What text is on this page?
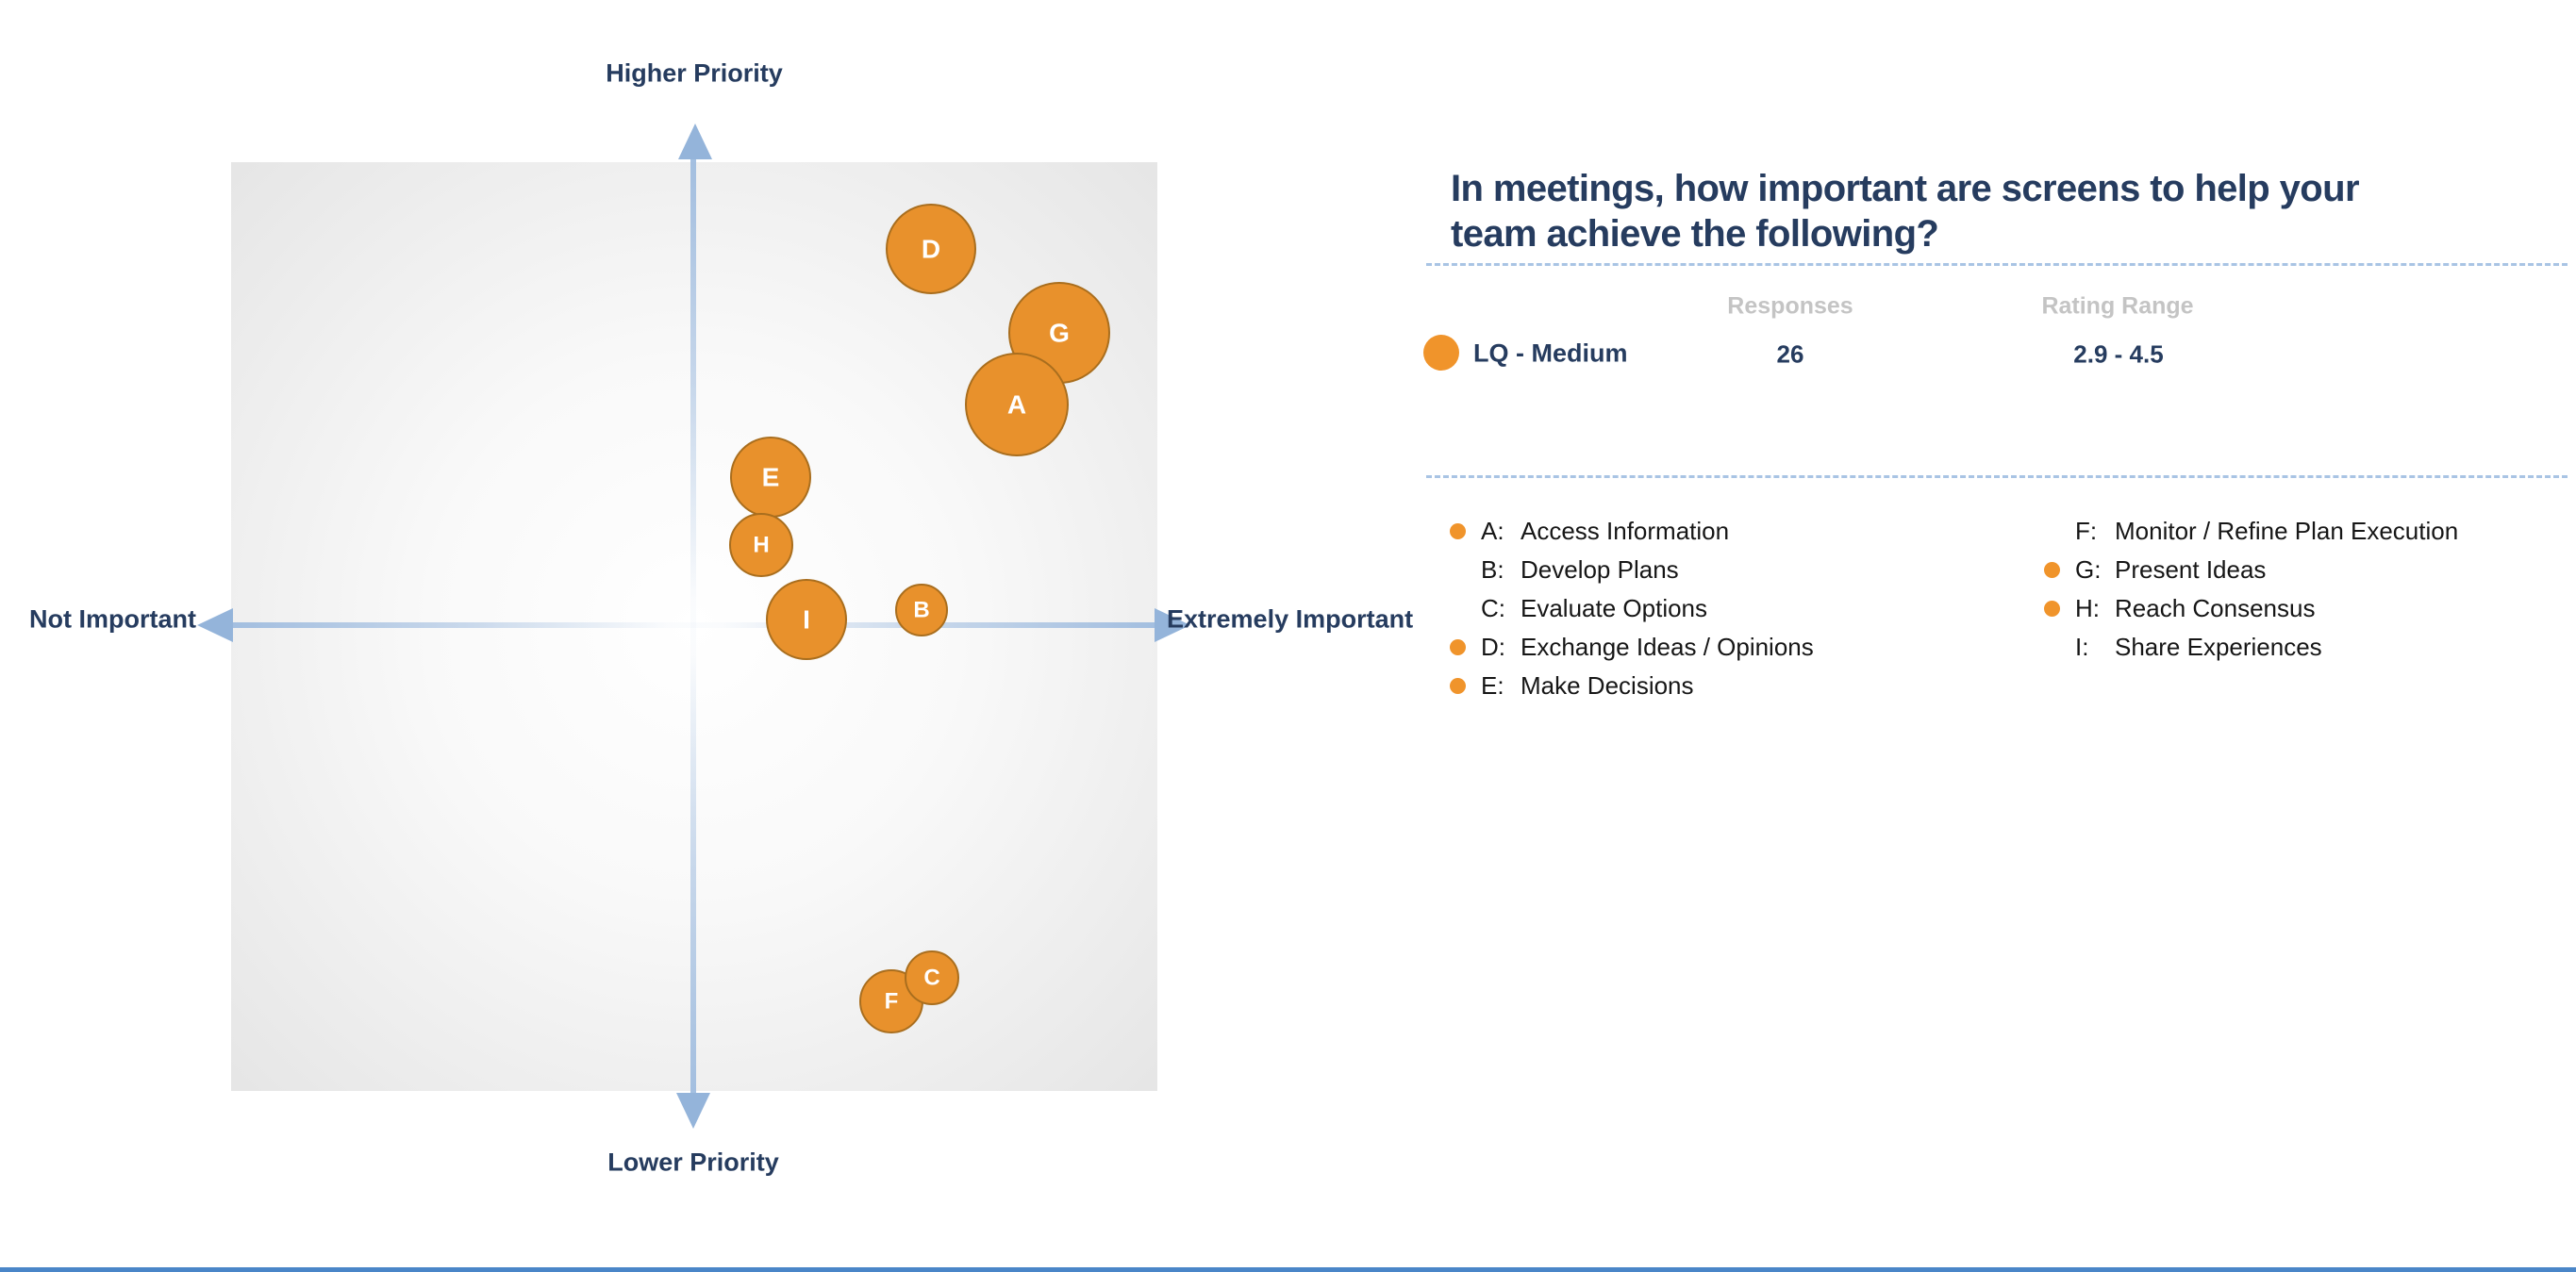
D
G
A
E
H
B
I
F
C
Higher Priority
Lower Priority
Not Important	Extremely Important
In meetings, how important are screens to help your team achieve the following?
Responses	Rating Range
LQ - Medium	26	2.9 - 4.5
A: Access Information
B: Develop Plans
C: Evaluate Options
D: Exchange Ideas / Opinions
E: Make Decisions
F: Monitor / Refine Plan Execution
G: Present Ideas
H: Reach Consensus
I:	Share Experiences
